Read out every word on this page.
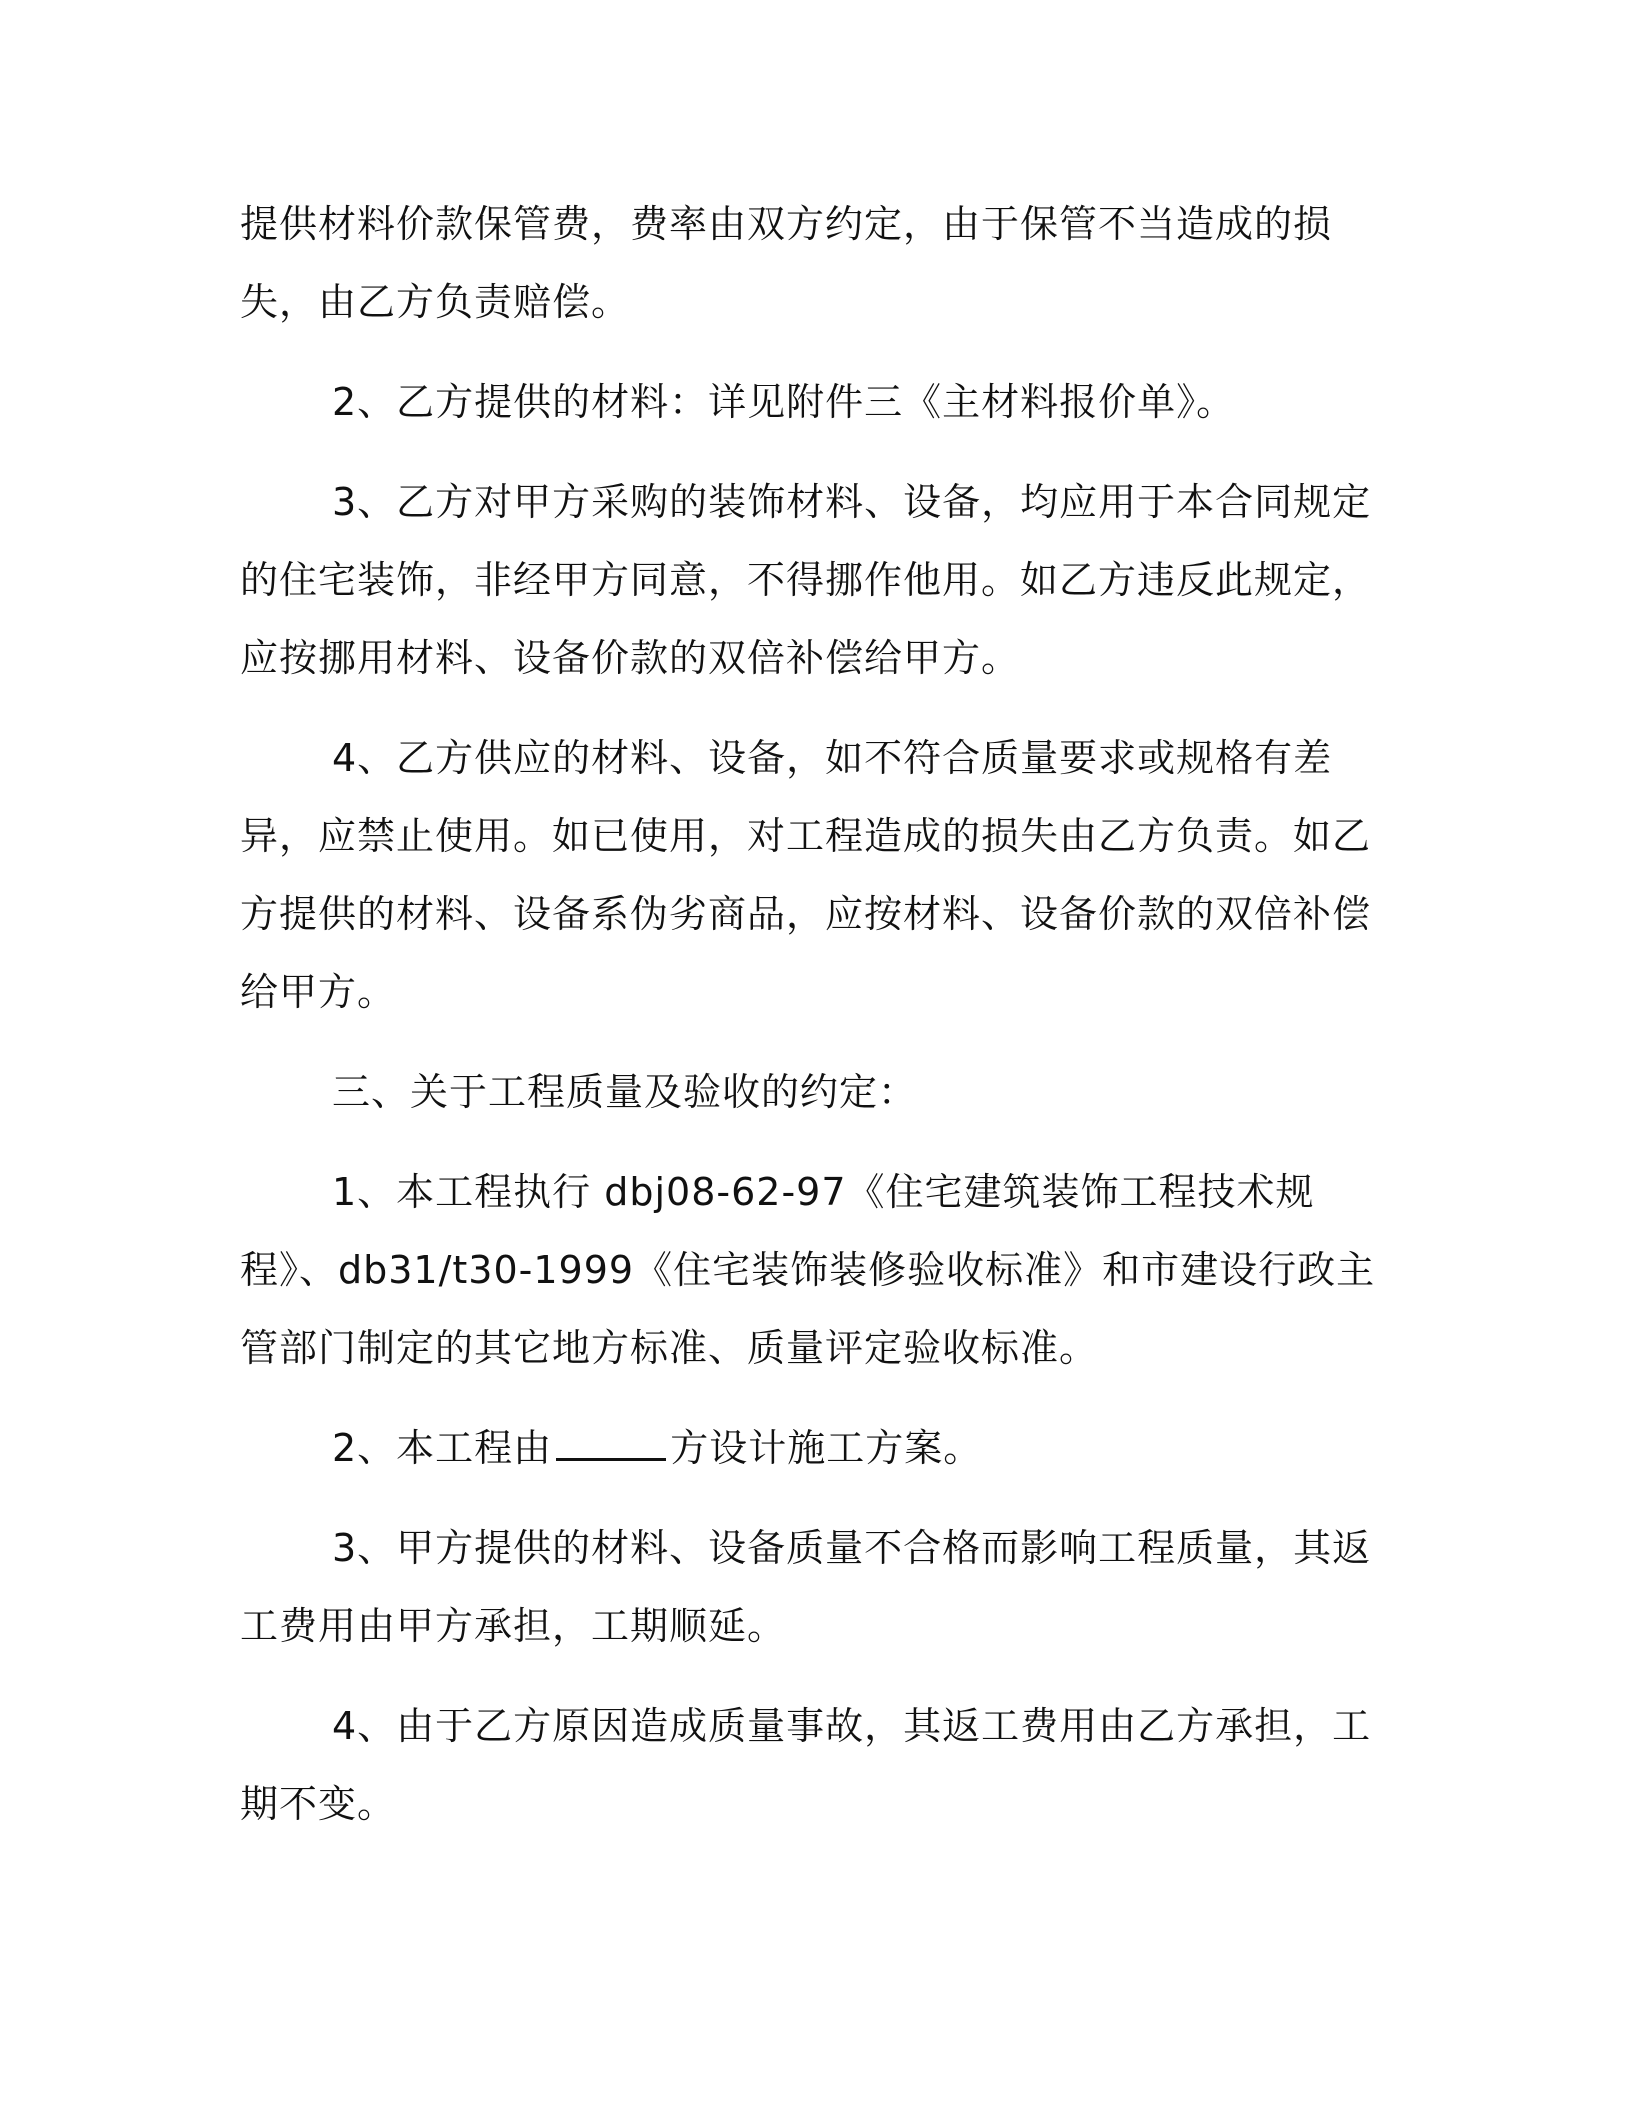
提供材料价款保管费，费率由双方约定，由于保管不当造成的损失，由乙方负责赔偿。

2、乙方提供的材料：详见附件三《主材料报价单》。

3、乙方对甲方采购的装饰材料、设备，均应用于本合同规定的住宅装饰，非经甲方同意，不得挪作他用。如乙方违反此规定，应按挪用材料、设备价款的双倍补偿给甲方。

4、乙方供应的材料、设备，如不符合质量要求或规格有差异，应禁止使用。如已使用，对工程造成的损失由乙方负责。如乙方提供的材料、设备系伪劣商品，应按材料、设备价款的双倍补偿给甲方。

三、关于工程质量及验收的约定：

1、本工程执行 dbj08-62-97《住宅建筑装饰工程技术规程》、db31/t30-1999《住宅装饰装修验收标准》和市建设行政主管部门制定的其它地方标准、质量评定验收标准。

2、本工程由	方设计施工方案。

3、甲方提供的材料、设备质量不合格而影响工程质量，其返工费用由甲方承担，工期顺延。

4、由于乙方原因造成质量事故，其返工费用由乙方承担，工期不变。
